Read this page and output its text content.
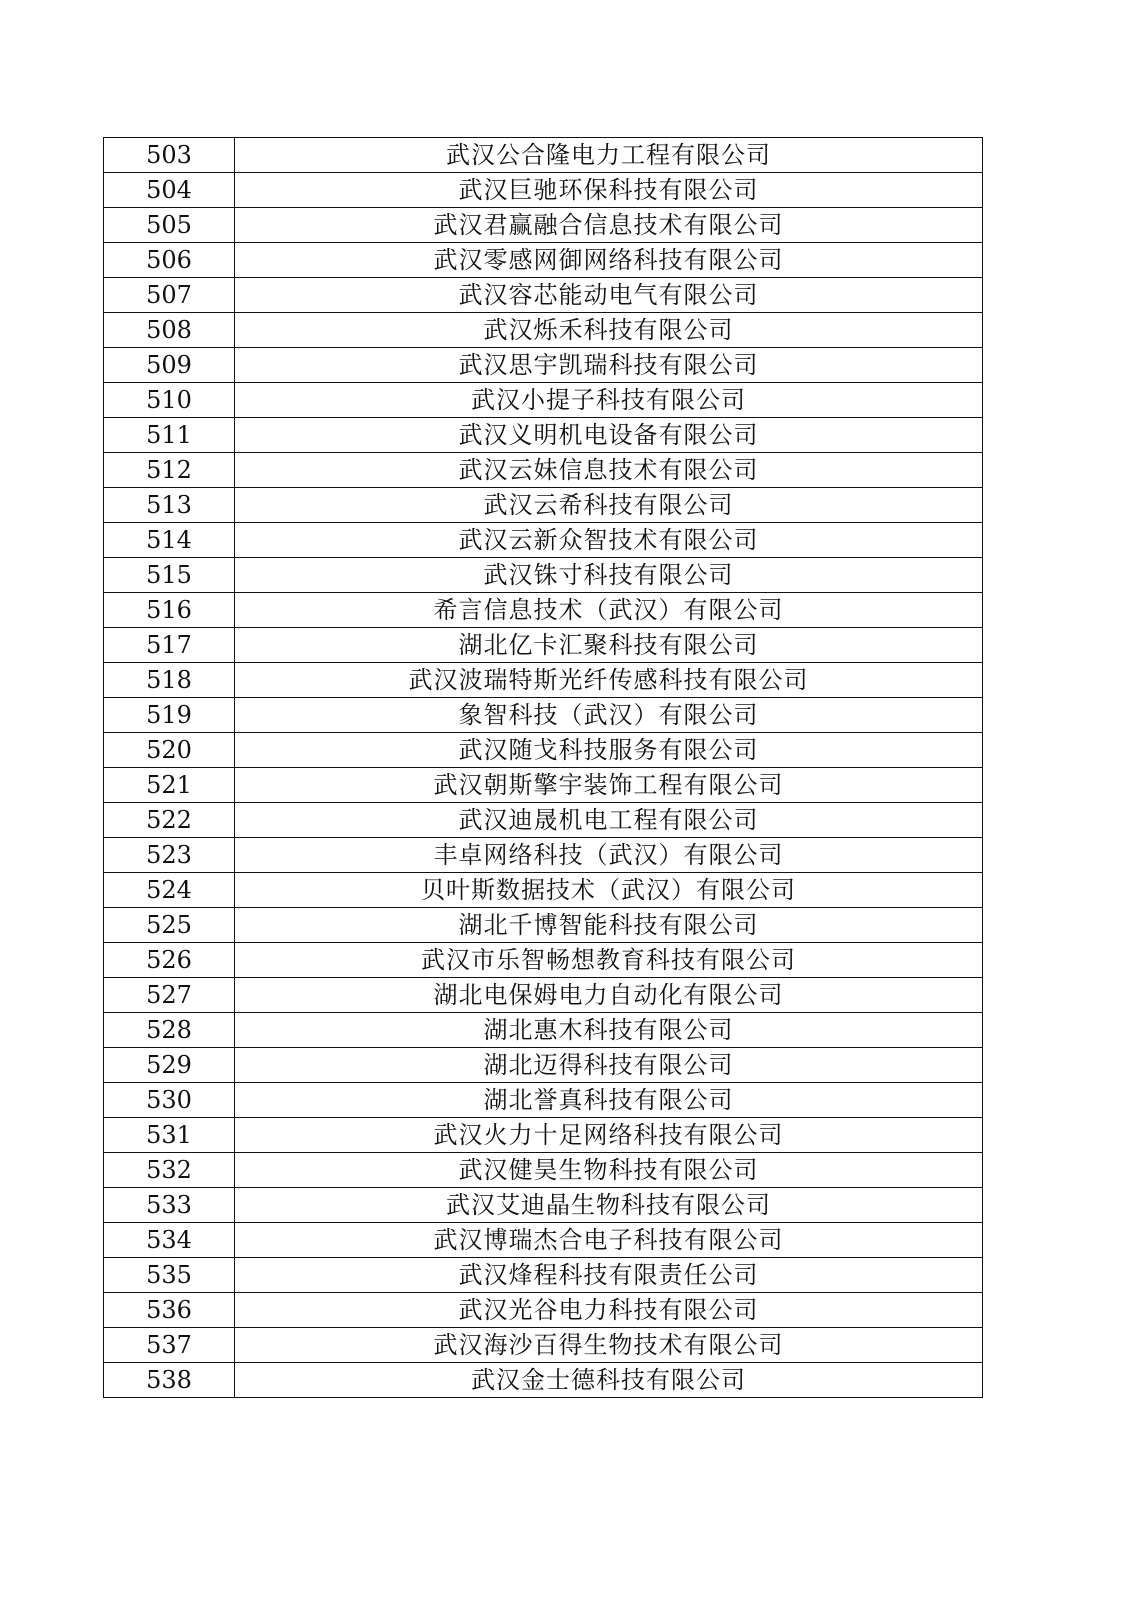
503	武汉公合隆电力工程有限公司
504	武汉巨驰环保科技有限公司
505	武汉君赢融合信息技术有限公司
506	武汉零感网御网络科技有限公司
507	武汉容芯能动电气有限公司
508	武汉烁禾科技有限公司
509	武汉思宇凯瑞科技有限公司
510	武汉小提子科技有限公司
511	武汉义明机电设备有限公司
512	武汉云妹信息技术有限公司
513	武汉云希科技有限公司
514	武汉云新众智技术有限公司
515	武汉铢寸科技有限公司
516	希言信息技术（武汉）有限公司
517	湖北亿卡汇聚科技有限公司
518	武汉波瑞特斯光纤传感科技有限公司
519	象智科技（武汉）有限公司
520	武汉随戈科技服务有限公司
521	武汉朝斯擎宇装饰工程有限公司
522	武汉迪晟机电工程有限公司
523	丰卓网络科技（武汉）有限公司
524	贝叶斯数据技术（武汉）有限公司
525	湖北千博智能科技有限公司
526	武汉市乐智畅想教育科技有限公司
527	湖北电保姆电力自动化有限公司
528	湖北惠木科技有限公司
529	湖北迈得科技有限公司
530	湖北誉真科技有限公司
531	武汉火力十足网络科技有限公司
532	武汉健昊生物科技有限公司
533	武汉艾迪晶生物科技有限公司
534	武汉博瑞杰合电子科技有限公司
535	武汉烽程科技有限责任公司
536	武汉光谷电力科技有限公司
537	武汉海沙百得生物技术有限公司
538	武汉金士德科技有限公司
